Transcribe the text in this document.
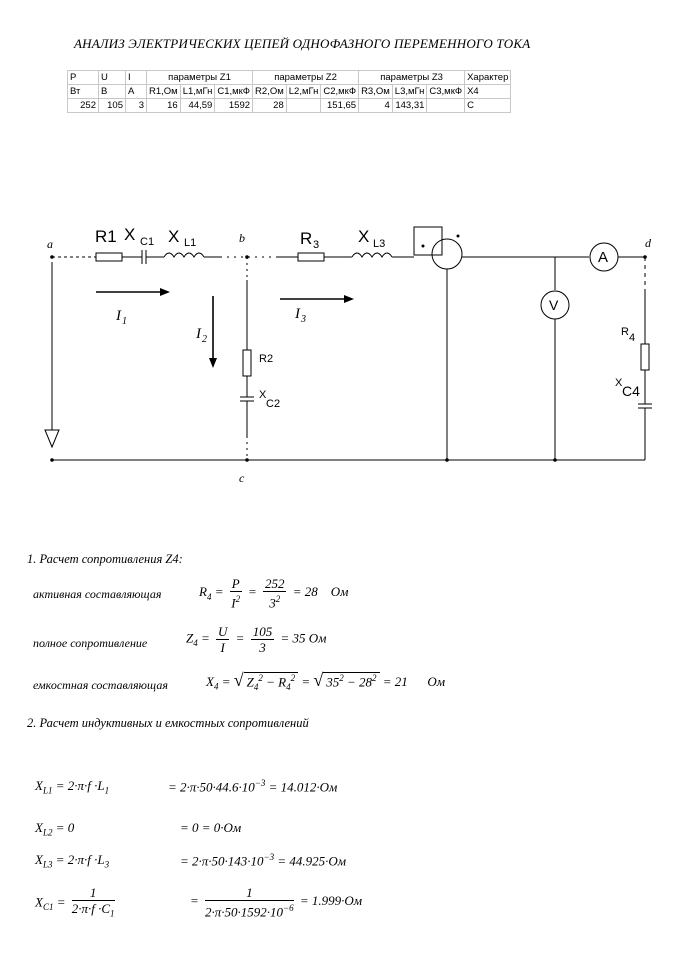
АНАЛИЗ ЭЛЕКТРИЧЕСКИХ ЦЕПЕЙ ОДНОФАЗНОГО ПЕРЕМЕННОГО ТОКА
P	U	I	параметры Z1			параметры Z2			параметры Z3			Характер
Вт	В	А	R1,Ом	L1,мГн	C1,мкФ	R2,Ом	L2,мГн	C2,мкФ	R3,Ом	L3,мГн	C3,мкФ	X4
252	105	3	16	44,59	1592	28		151,65	4	143,31		C
a	b
c
d
R1 X C1 X L1	R 3 X L3
A
V
R2
X
C2
R 4
X C4
I 1
I 2
I 3
1. Расчет сопротивления Z4:
активная составляющая	$R_4 = \frac{P}{I^2} = \frac{252}{3^2} = 28$    Ом
полное сопротивление	$Z_4 = \frac{U}{I} = \frac{105}{3} = 35$ Ом
емкостная составляющая	$X_4$ = √ $Z_4^2 - R_4^2$ = √ $35^2 - 28^2 = 21$      Ом
2. Расчет индуктивных и емкостных сопротивлений
$X_{L1} = 2\cdot\pi\cdot f \cdot L_1$	= $2\cdot\pi\cdot 50\cdot 44.6\cdot 10^{-3} = 14.012\cdot Ом$
$X_{L2} = 0$	= 0 = 0·Ом
$X_{L3} = 2\cdot\pi\cdot f \cdot L_3$	= $2\cdot\pi\cdot 50\cdot 143\cdot 10^{-3} = 44.925\cdot Ом$
$X_{C1} = \frac{1}{2\cdot\pi\cdot f \cdot C_1}$	= $\frac{1}{2\cdot\pi\cdot 50\cdot 1592\cdot 10^{-6}} = 1.999\cdot Ом$
